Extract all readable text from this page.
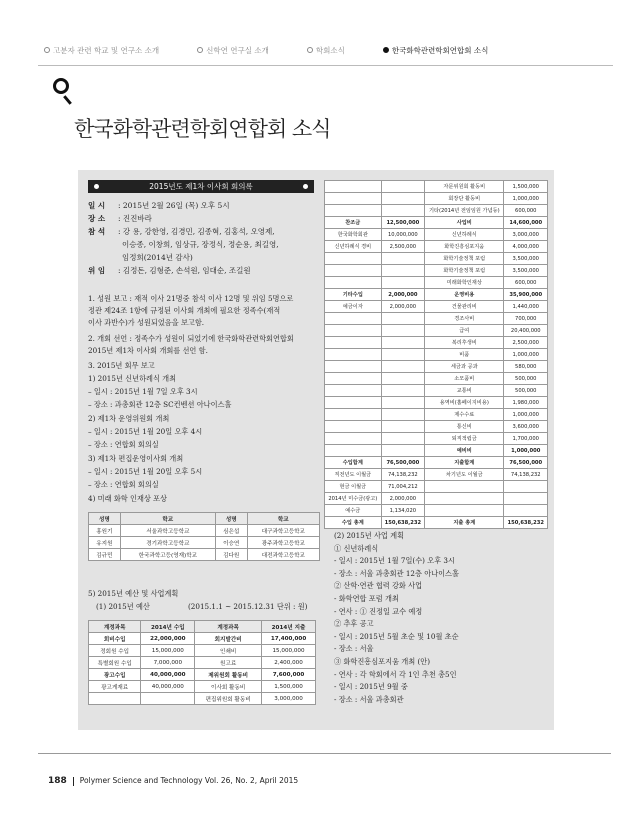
고분자 관련 학교 및 연구소 소개	신학연 연구실 소개	학회소식	한국화학관련학회연합회 소식
한국화학관련학회연합회 소식
2015년도 제1차 이사회 회의록
일 시 : 2015년 2월 26일 (목) 오후 5시
장 소 : 진진바라
참 석 : 강 용, 강한영, 김경민, 김종혁, 김홍석, 오영제,
이승종, 이창희, 임상규, 장정식, 정순용, 최길영,
임정희(2014년 감사)
위 임 : 김정돈, 김형준, 손석원, 임대순, 조길원
1. 성원 보고 : 재적 이사 21명중 참석 이사 12명 및 위임 5명으로
정관 제24조 1항에 규정된 이사회 개최에 필요한 정족수(재적
이사 과반수)가 성원되었음을 보고함.
2. 개회 선언 : 정족수가 성원이 되었기에 한국화학관련학회연합회
2015년 제1차 이사회 개회를 선언 함.
3. 2015년 회무 보고
1) 2015년 신년하례식 개최
– 일시 : 2015년 1월 7일 오후 3시
– 장소 : 과총회관 12층 SC컨벤션 아나이스홀
2) 제1차 운영위원회 개최
– 일시 : 2015년 1월 20일 오후 4시
– 장소 : 연합회 회의실
3) 제1차 편집운영이사회 개최
– 일시 : 2015년 1월 20일 오후 5시
– 장소 : 연합회 회의실
4) 미래 화학 인재상 포상
성명	학교	성명	학교
홍원기	서울과학고등학교	심은섭	대구과학고등학교
유지원	경기과학고등학교	이승연	광주과학고등학교
김규민	한국과학고등(영재)학교	김다원	대전과학고등학교
5) 2015년 예산 및 사업계획
(1) 2015년 예산	(2015.1.1 ~ 2015.12.31 단위 : 원)
계정과목	2014년 수입	계정과목	2014년 지출
회비수입	22,000,000	회지발간비	17,400,000
정회원 수입	15,000,000	인쇄비	15,000,000
특별회원 수입	7,000,000	원고료	2,400,000
광고수입	40,000,000	제위원회 활동비	7,600,000
광고게재료	40,000,000	이사회 활동비	1,500,000
		편집위원회 활동비	3,000,000
		자문위원회 활동비	1,500,000
		회장단 활동비	1,000,000
		기타(2014년 전임임원 가념등)	600,000
찬조금	12,500,000	사업비	14,600,000
한국화학회관	10,000,000	신년하례식	3,000,000
신년하례식 경비	2,500,000	화학진흥심포지움	4,000,000
		화학기술정책 포럼	3,500,000
		화학기술정책 포럼	3,500,000
		미래화학인재상	600,000
기타수입	2,000,000	운영비용	35,900,000
예금이자	2,000,000	건물관리비	1,440,000
		경조사비	700,000
		급여	20,400,000
		복리후생비	2,500,000
		비품	1,000,000
		세금과 공과	580,000
		소모품비	500,000
		교통비	500,000
		용역비(홈페이지비용)	1,980,000
		제수수료	1,000,000
		통신비	3,600,000
		퇴직적립금	1,700,000
		예비비	1,000,000
수입합계	76,500,000	지출합계	76,500,000
직전년도 이월금	74,138,232	차기년도 이월금	74,138,232
현금 이월금	71,004,212		
2014년 미수금(광고)	2,000,000		
예수금	1,134,020		
수입 총계	150,638,232	지출 총계	150,638,232
(2) 2015년 사업 계획
① 신년하례식
- 일시 : 2015년 1월 7일(수) 오후 3시
- 장소 : 서울 과총회관 12층 아나이스홀
② 산학·연관 협력 강화 사업
- 화학연합 포럼 개최
- 연사 : ① 진정일 교수 예정
② 추후 공고
- 일시 : 2015년 5월 초순 및 10월 초순
- 장소 : 서울
③ 화학진흥심포지움 개최 (안)
- 연사 : 각 학회에서 각 1인 추천 총5인
- 일시 : 2015년 9월 중
- 장소 : 서울 과총회관
188 Polymer Science and Technology Vol. 26, No. 2, April 2015
